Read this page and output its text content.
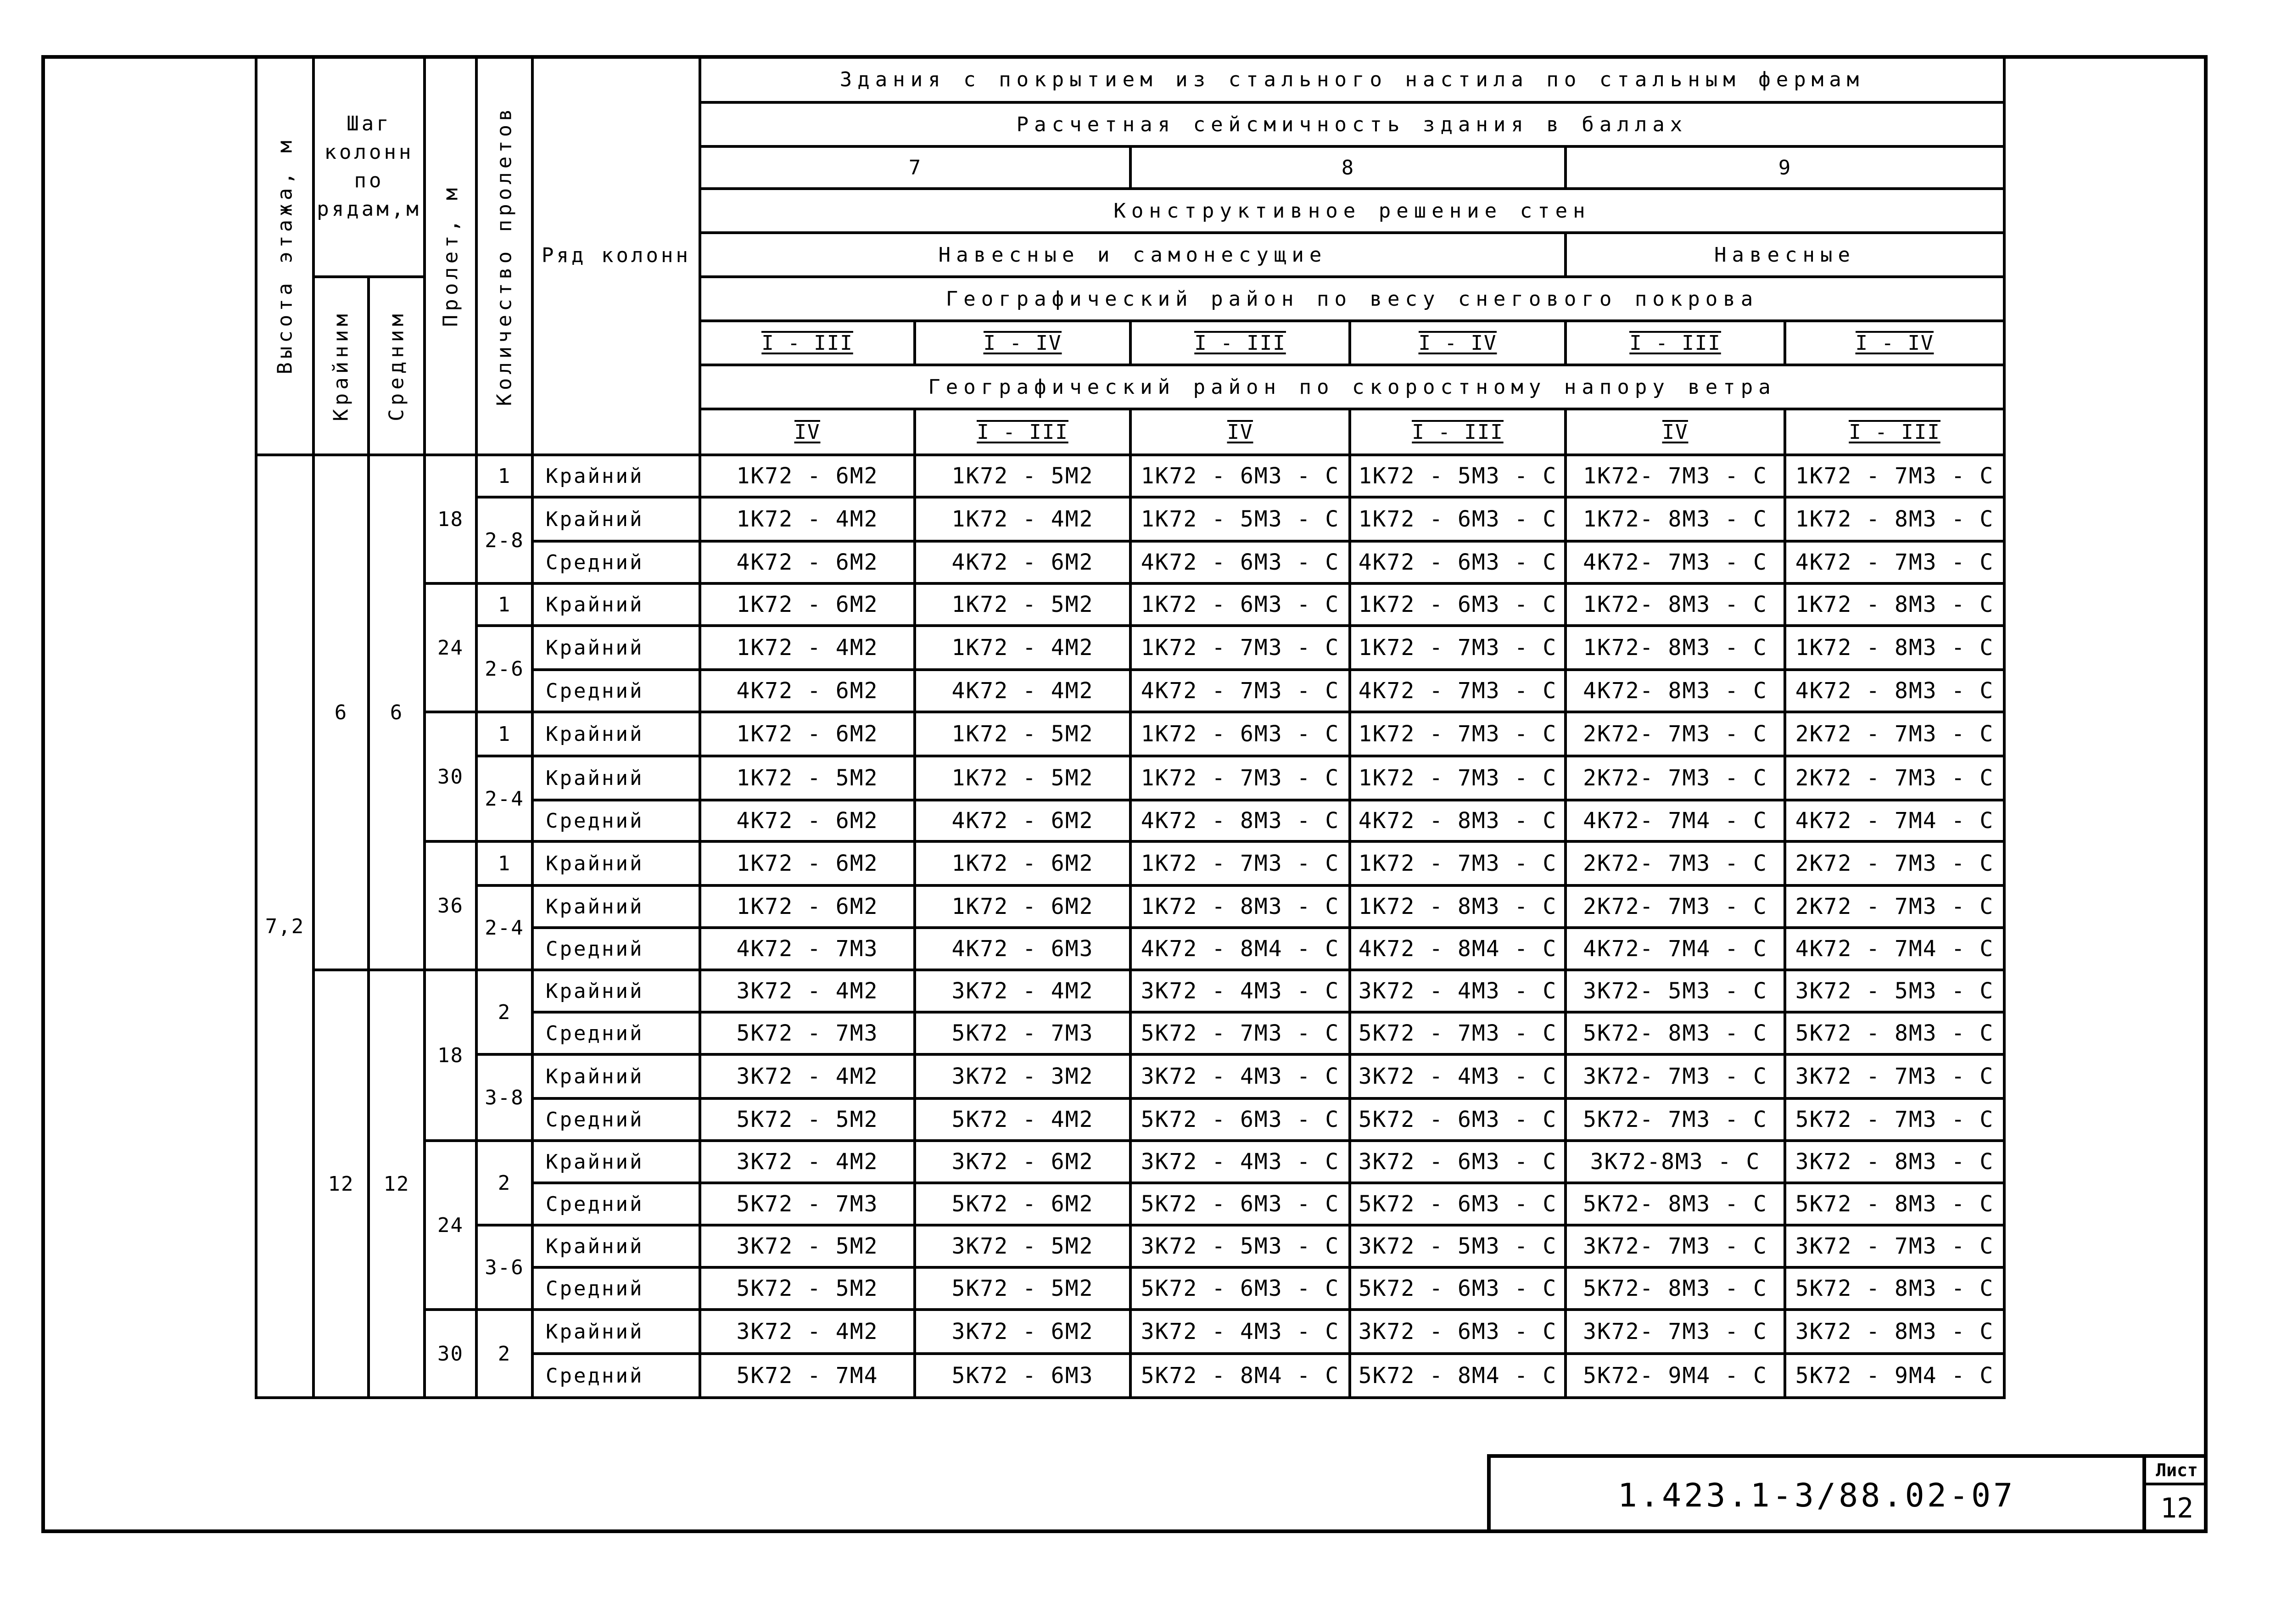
Высота этажа, м	Шаг колонн по рядам,м		Пролет, м	Количество пролетов	Ряд колонн	Здания с покрытием из стального настила по стальным фермам					
						Расчетная сейсмичность здания в баллах					
						7		8		9	
						Конструктивное решение стен					
						Навесные и самонесущие				Навесные	

	Крайним	Средним				Географический район по весу снегового покрова					
						I - III	I - IV	I - III	I - IV	I - III	I - IV
						Географический район по скоростному напору ветра					
						IV	I - III	IV	I - III	IV	I - III
7,2	6	6	18	1	Крайний	1К72 - 6М2	1К72 - 5М2	1К72 - 6М3 - С	1К72 - 5М3 - С	1К72- 7М3 - С	1К72 - 7М3 - С
				2-8	Крайний	1К72 - 4М2	1К72 - 4М2	1К72 - 5М3 - С	1К72 - 6М3 - С	1К72- 8М3 - С	1К72 - 8М3 - С
					Средний	4К72 - 6М2	4К72 - 6М2	4К72 - 6М3 - С	4К72 - 6М3 - С	4К72- 7М3 - С	4К72 - 7М3 - С
			24	1	Крайний	1К72 - 6М2	1К72 - 5М2	1К72 - 6М3 - С	1К72 - 6М3 - С	1К72- 8М3 - С	1К72 - 8М3 - С
				2-6	Крайний	1К72 - 4М2	1К72 - 4М2	1К72 - 7М3 - С	1К72 - 7М3 - С	1К72- 8М3 - С	1К72 - 8М3 - С
					Средний	4К72 - 6М2	4К72 - 4М2	4К72 - 7М3 - С	4К72 - 7М3 - С	4К72- 8М3 - С	4К72 - 8М3 - С
			30	1	Крайний	1К72 - 6М2	1К72 - 5М2	1К72 - 6М3 - С	1К72 - 7М3 - С	2К72- 7М3 - С	2К72 - 7М3 - С
				2-4	Крайний	1К72 - 5М2	1К72 - 5М2	1К72 - 7М3 - С	1К72 - 7М3 - С	2К72- 7М3 - С	2К72 - 7М3 - С
					Средний	4К72 - 6М2	4К72 - 6М2	4К72 - 8М3 - С	4К72 - 8М3 - С	4К72- 7М4 - С	4К72 - 7М4 - С
			36	1	Крайний	1К72 - 6М2	1К72 - 6М2	1К72 - 7М3 - С	1К72 - 7М3 - С	2К72- 7М3 - С	2К72 - 7М3 - С
				2-4	Крайний	1К72 - 6М2	1К72 - 6М2	1К72 - 8М3 - С	1К72 - 8М3 - С	2К72- 7М3 - С	2К72 - 7М3 - С
					Средний	4К72 - 7М3	4К72 - 6М3	4К72 - 8М4 - С	4К72 - 8М4 - С	4К72- 7М4 - С	4К72 - 7М4 - С
	12	12	18	2	Крайний	3К72 - 4М2	3К72 - 4М2	3К72 - 4М3 - С	3К72 - 4М3 - С	3К72- 5М3 - С	3К72 - 5М3 - С
					Средний	5К72 - 7М3	5К72 - 7М3	5К72 - 7М3 - С	5К72 - 7М3 - С	5К72- 8М3 - С	5К72 - 8М3 - С
				3-8	Крайний	3К72 - 4М2	3К72 - 3М2	3К72 - 4М3 - С	3К72 - 4М3 - С	3К72- 7М3 - С	3К72 - 7М3 - С
					Средний	5К72 - 5М2	5К72 - 4М2	5К72 - 6М3 - С	5К72 - 6М3 - С	5К72- 7М3 - С	5К72 - 7М3 - С
			24	2	Крайний	3К72 - 4М2	3К72 - 6М2	3К72 - 4М3 - С	3К72 - 6М3 - С	3К72-8М3 - С	3К72 - 8М3 - С
					Средний	5К72 - 7М3	5К72 - 6М2	5К72 - 6М3 - С	5К72 - 6М3 - С	5К72- 8М3 - С	5К72 - 8М3 - С
				3-6	Крайний	3К72 - 5М2	3К72 - 5М2	3К72 - 5М3 - С	3К72 - 5М3 - С	3К72- 7М3 - С	3К72 - 7М3 - С
					Средний	5К72 - 5М2	5К72 - 5М2	5К72 - 6М3 - С	5К72 - 6М3 - С	5К72- 8М3 - С	5К72 - 8М3 - С
			30	2	Крайний	3К72 - 4М2	3К72 - 6М2	3К72 - 4М3 - С	3К72 - 6М3 - С	3К72- 7М3 - С	3К72 - 8М3 - С
					Средний	5К72 - 7М4	5К72 - 6М3	5К72 - 8М4 - С	5К72 - 8М4 - С	5К72- 9М4 - С	5К72 - 9М4 - С
1.423.1-3/88.02-07
Лист
12
